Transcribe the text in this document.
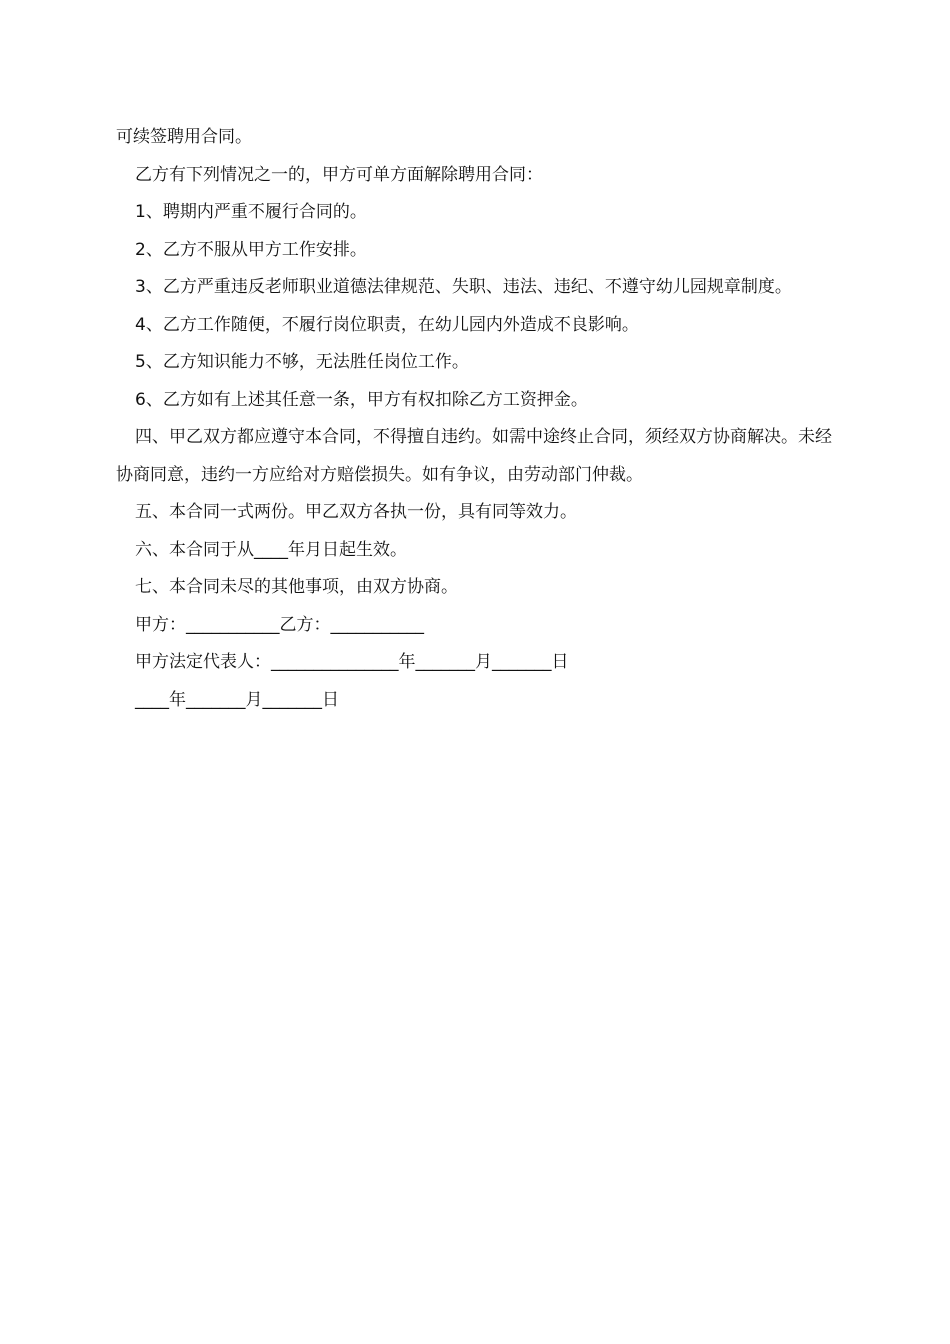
可续签聘用合同。

乙方有下列情况之一的，甲方可单方面解除聘用合同：

1、聘期内严重不履行合同的。

2、乙方不服从甲方工作安排。

3、乙方严重违反老师职业道德法律规范、失职、违法、违纪、不遵守幼儿园规章制度。

4、乙方工作随便，不履行岗位职责，在幼儿园内外造成不良影响。

5、乙方知识能力不够，无法胜任岗位工作。

6、乙方如有上述其任意一条，甲方有权扣除乙方工资押金。

四、甲乙双方都应遵守本合同，不得擅自违约。如需中途终止合同，须经双方协商解决。未经协商同意，违约一方应给对方赔偿损失。如有争议，由劳动部门仲裁。

五、本合同一式两份。甲乙双方各执一份，具有同等效力。

六、本合同于从____年月日起生效。

七、本合同未尽的其他事项，由双方协商。

甲方：___________乙方：___________

甲方法定代表人：_______________年_______月_______日

____年_______月_______日
